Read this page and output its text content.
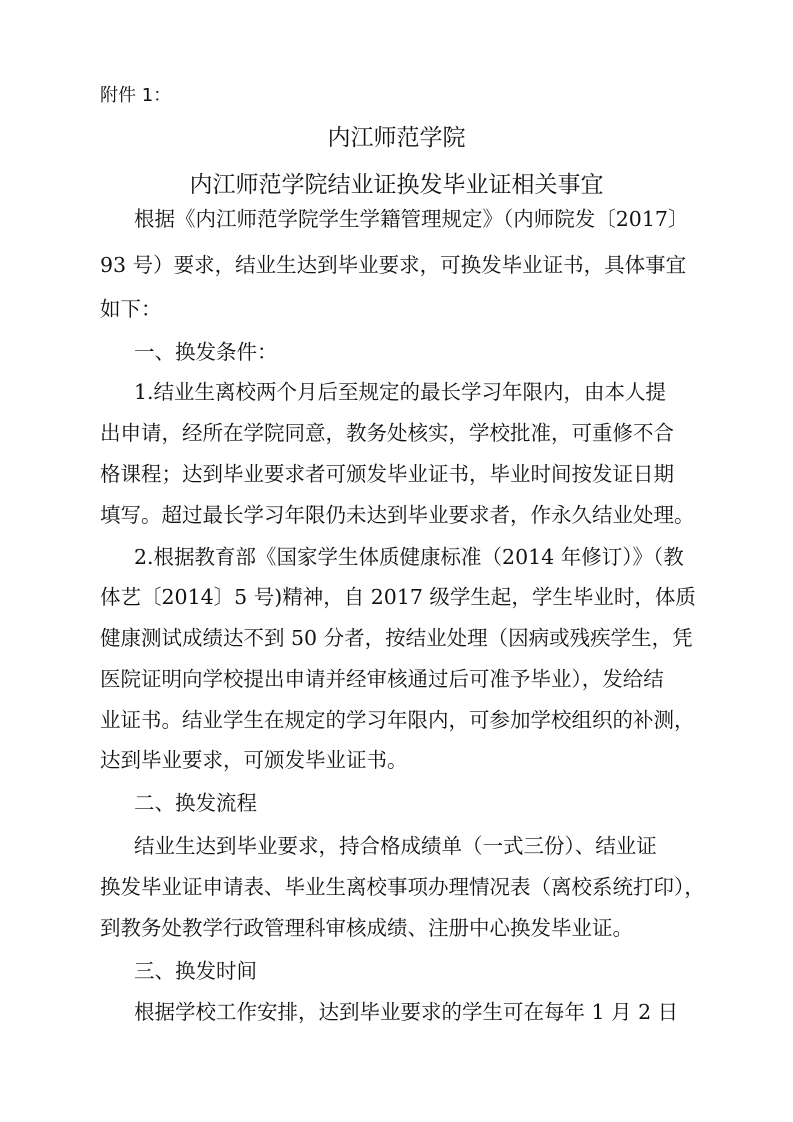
附件 1：
内江师范学院
内江师范学院结业证换发毕业证相关事宜
根据《内江师范学院学生学籍管理规定》（内师院发〔2017〕
93 号）要求，结业生达到毕业要求，可换发毕业证书，具体事宜
如下：
一、换发条件：
1.结业生离校两个月后至规定的最长学习年限内，由本人提
出申请，经所在学院同意，教务处核实，学校批准，可重修不合
格课程；达到毕业要求者可颁发毕业证书，毕业时间按发证日期
填写。超过最长学习年限仍未达到毕业要求者，作永久结业处理。
2.根据教育部《国家学生体质健康标准（2014 年修订）》（教
体艺〔2014〕5 号)精神，自 2017 级学生起，学生毕业时，体质
健康测试成绩达不到 50 分者，按结业处理（因病或残疾学生，凭
医院证明向学校提出申请并经审核通过后可准予毕业），发给结
业证书。结业学生在规定的学习年限内，可参加学校组织的补测，
达到毕业要求，可颁发毕业证书。
二、换发流程
结业生达到毕业要求，持合格成绩单（一式三份）、结业证
换发毕业证申请表、毕业生离校事项办理情况表（离校系统打印），
到教务处教学行政管理科审核成绩、注册中心换发毕业证。
三、换发时间
根据学校工作安排，达到毕业要求的学生可在每年 1 月 2 日
